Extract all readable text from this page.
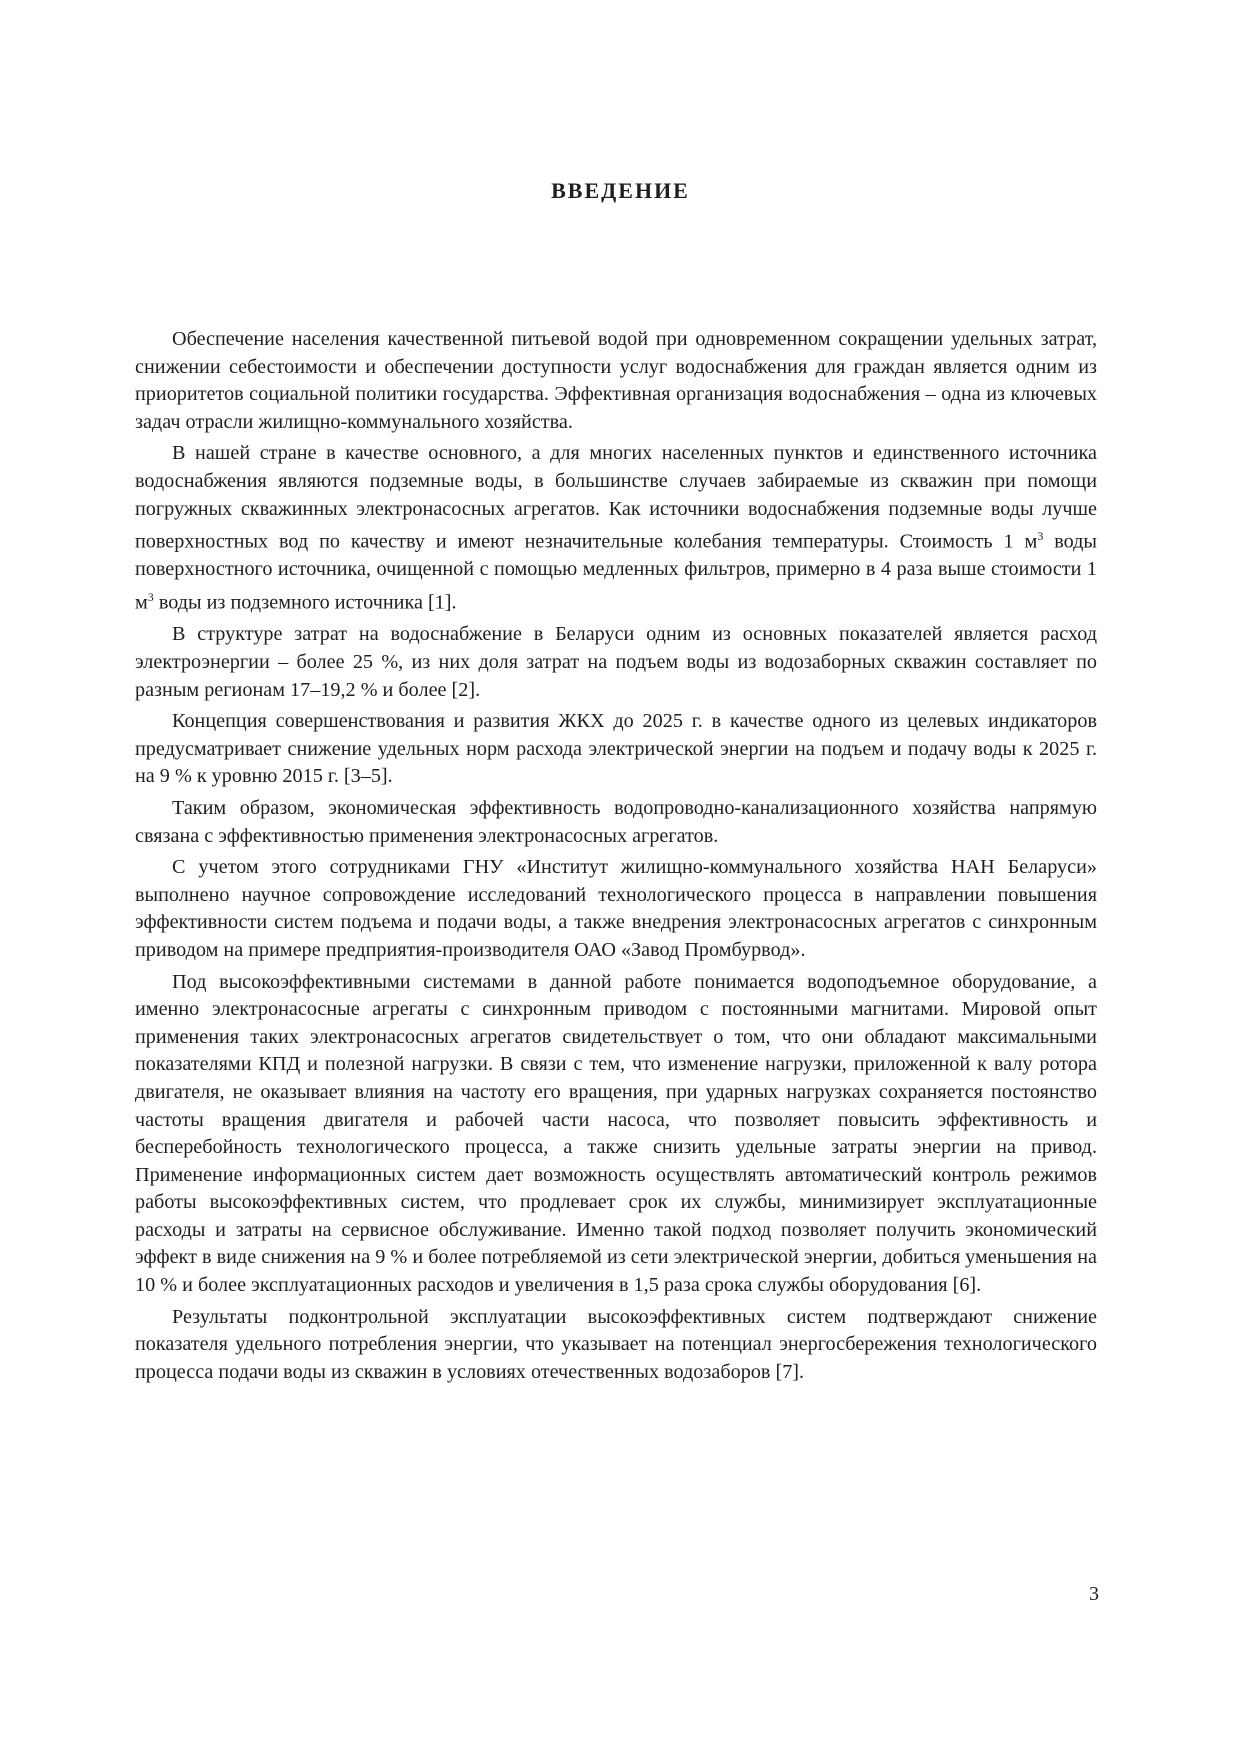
ВВЕДЕНИЕ

Обеспечение населения качественной питьевой водой при одновременном сокращении удельных затрат, снижении себестоимости и обеспечении доступности услуг водоснабжения для граждан является одним из приоритетов социальной политики государства. Эффективная организация водоснабжения – одна из ключевых задач отрасли жилищно-коммунального хозяйства.

В нашей стране в качестве основного, а для многих населенных пунктов и единственного источника водоснабжения являются подземные воды, в большинстве случаев забираемые из скважин при помощи погружных скважинных электронасосных агрегатов. Как источники водоснабжения подземные воды лучше поверхностных вод по качеству и имеют незначительные колебания температуры. Стоимость 1 $м^3$ воды поверхностного источника, очищенной с помощью медленных фильтров, примерно в 4 раза выше стоимости 1 $м^3$ воды из подземного источника [1].

В структуре затрат на водоснабжение в Беларуси одним из основных показателей является расход электроэнергии – более 25 %, из них доля затрат на подъем воды из водозаборных скважин составляет по разным регионам 17–19,2 % и более [2].

Концепция совершенствования и развития ЖКХ до 2025 г. в качестве одного из целевых индикаторов предусматривает снижение удельных норм расхода электрической энергии на подъем и подачу воды к 2025 г. на 9 % к уровню 2015 г. [3–5].

Таким образом, экономическая эффективность водопроводно-канализационного хозяйства напрямую связана с эффективностью применения электронасосных агрегатов.

С учетом этого сотрудниками ГНУ «Институт жилищно-коммунального хозяйства НАН Беларуси» выполнено научное сопровождение исследований технологического процесса в направлении повышения эффективности систем подъема и подачи воды, а также внедрения электронасосных агрегатов с синхронным приводом на примере предприятия-производителя ОАО «Завод Промбурвод».

Под высокоэффективными системами в данной работе понимается водоподъемное оборудование, а именно электронасосные агрегаты с синхронным приводом с постоянными магнитами. Мировой опыт применения таких электронасосных агрегатов свидетельствует о том, что они обладают максимальными показателями КПД и полезной нагрузки. В связи с тем, что изменение нагрузки, приложенной к валу ротора двигателя, не оказывает влияния на частоту его вращения, при ударных нагрузках сохраняется постоянство частоты вращения двигателя и рабочей части насоса, что позволяет повысить эффективность и бесперебойность технологического процесса, а также снизить удельные затраты энергии на привод. Применение информационных систем дает возможность осуществлять автоматический контроль режимов работы высокоэффективных систем, что продлевает срок их службы, минимизирует эксплуатационные расходы и затраты на сервисное обслуживание. Именно такой подход позволяет получить экономический эффект в виде снижения на 9 % и более потребляемой из сети электрической энергии, добиться уменьшения на 10 % и более эксплуатационных расходов и увеличения в 1,5 раза срока службы оборудования [6].

Результаты подконтрольной эксплуатации высокоэффективных систем подтверждают снижение показателя удельного потребления энергии, что указывает на потенциал энергосбережения технологического процесса подачи воды из скважин в условиях отечественных водозаборов [7].

3
